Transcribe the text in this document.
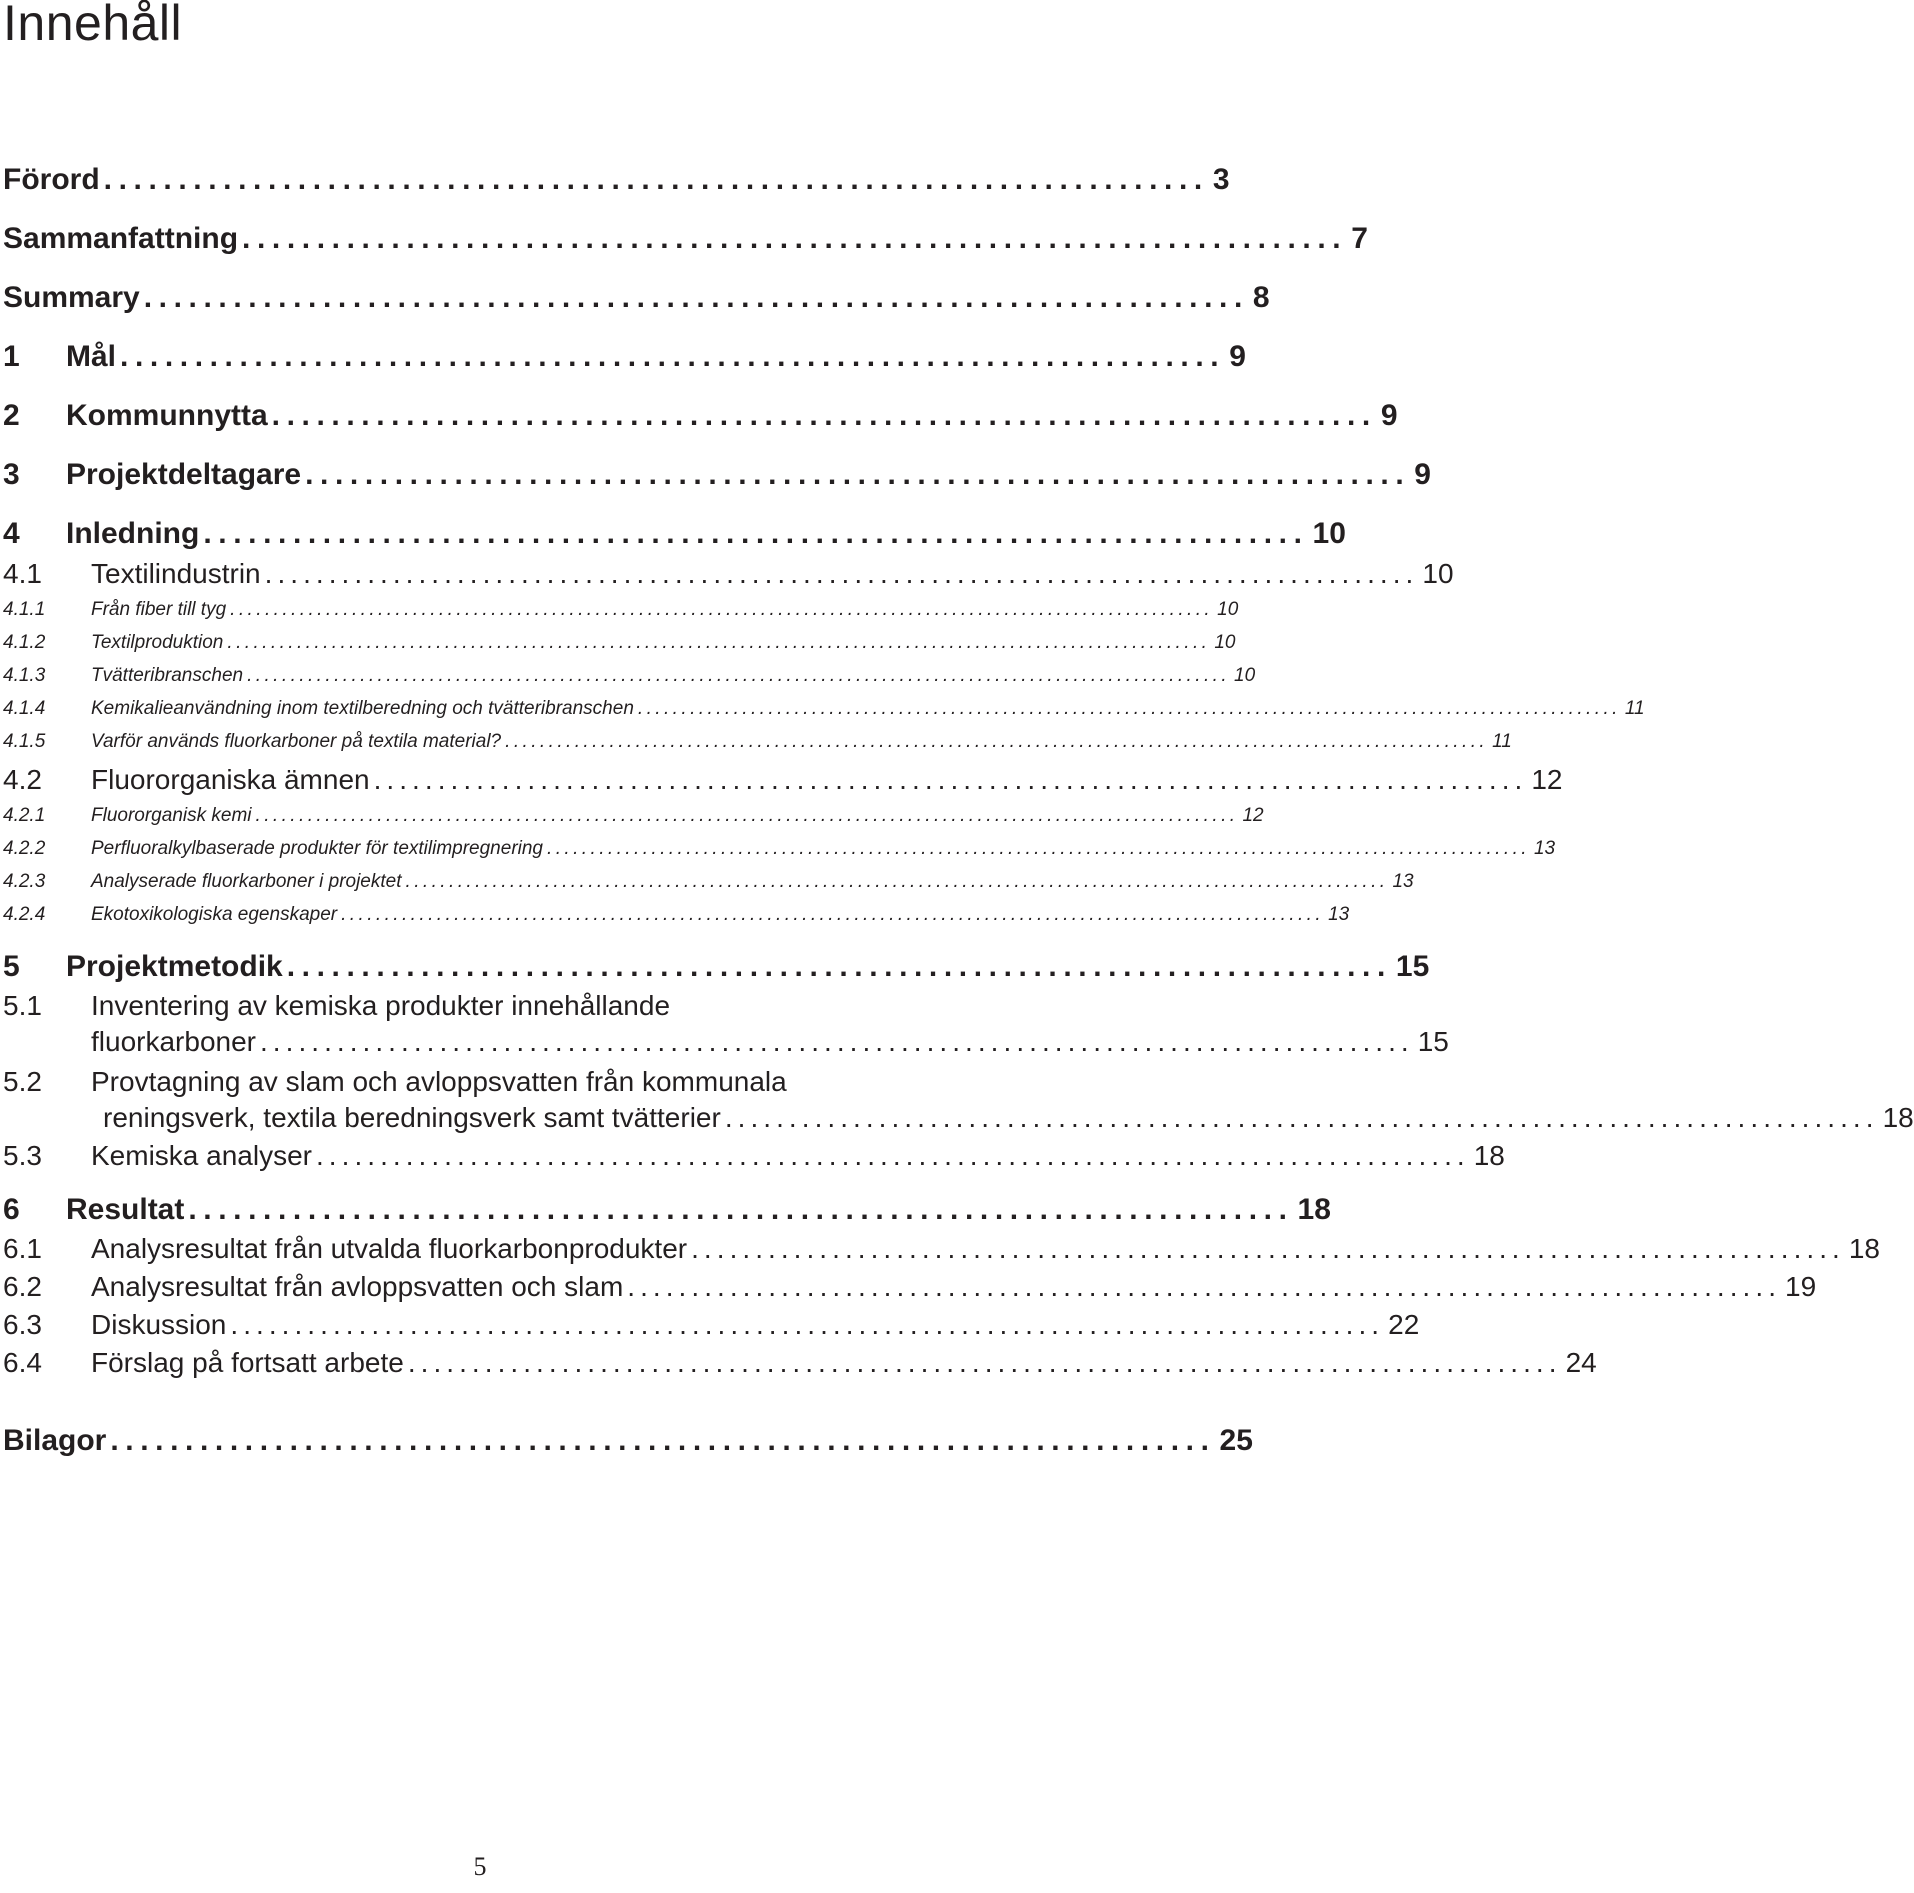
Innehåll
Förord .......................................................................... 3
Sammanfattning .......................................................................... 7
Summary .......................................................................... 8
1	Mål .......................................................................... 9
2	Kommunnytta .......................................................................... 9
3	Projektdeltagare .......................................................................... 9
4	Inledning .......................................................................... 10
4.1	Textilindustrin .......................................................................................... 10
4.1.1	Från fiber till tyg ................................................................................................................. 10
4.1.2	Textilproduktion ................................................................................................................. 10
4.1.3	Tvätteribranschen ................................................................................................................. 10
4.1.4	Kemikalieanvändning inom textilberedning och tvätteribranschen ................................................................................................................. 11
4.1.5	Varför används fluorkarboner på textila material? ................................................................................................................. 11
4.2	Fluororganiska ämnen .......................................................................................... 12
4.2.1	Fluororganisk kemi ................................................................................................................. 12
4.2.2	Perfluoralkylbaserade produkter för textilimpregnering ................................................................................................................. 13
4.2.3	Analyserade fluorkarboner i projektet ................................................................................................................. 13
4.2.4	Ekotoxikologiska egenskaper ................................................................................................................. 13
5	Projektmetodik .......................................................................... 15
5.1	Inventering av kemiska produkter innehållande
fluorkarboner .......................................................................................... 15
5.2	Provtagning av slam och avloppsvatten från kommunala
reningsverk, textila beredningsverk samt tvätterier .......................................................................................... 18
5.3	Kemiska analyser .......................................................................................... 18
6	Resultat .......................................................................... 18
6.1	Analysresultat från utvalda fluorkarbonprodukter .......................................................................................... 18
6.2	Analysresultat från avloppsvatten och slam .......................................................................................... 19
6.3	Diskussion .......................................................................................... 22
6.4	Förslag på fortsatt arbete .......................................................................................... 24
Bilagor .......................................................................... 25
5
